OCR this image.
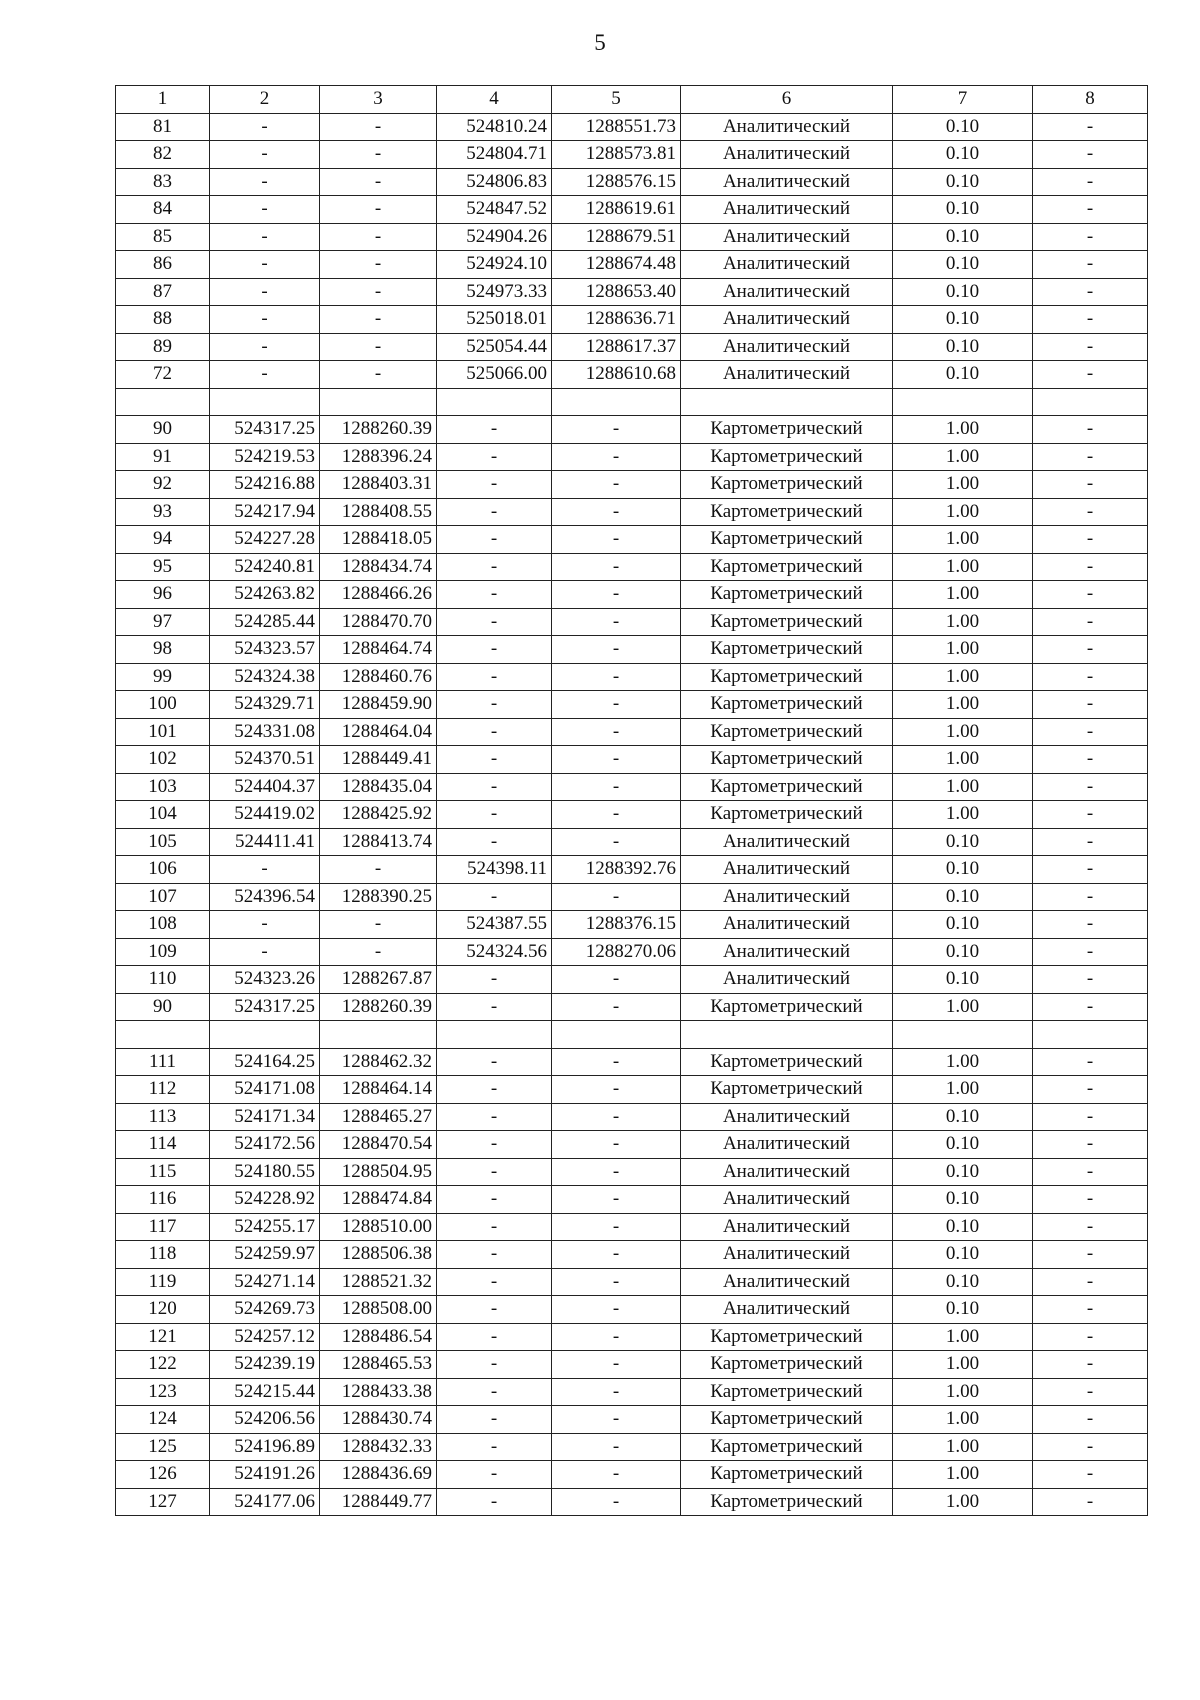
5
1	2	3	4	5	6	7	8
81	-	-	524810.24	1288551.73	Аналитический	0.10	-
82	-	-	524804.71	1288573.81	Аналитический	0.10	-
83	-	-	524806.83	1288576.15	Аналитический	0.10	-
84	-	-	524847.52	1288619.61	Аналитический	0.10	-
85	-	-	524904.26	1288679.51	Аналитический	0.10	-
86	-	-	524924.10	1288674.48	Аналитический	0.10	-
87	-	-	524973.33	1288653.40	Аналитический	0.10	-
88	-	-	525018.01	1288636.71	Аналитический	0.10	-
89	-	-	525054.44	1288617.37	Аналитический	0.10	-
72	-	-	525066.00	1288610.68	Аналитический	0.10	-

90	524317.25	1288260.39	-	-	Картометрический	1.00	-
91	524219.53	1288396.24	-	-	Картометрический	1.00	-
92	524216.88	1288403.31	-	-	Картометрический	1.00	-
93	524217.94	1288408.55	-	-	Картометрический	1.00	-
94	524227.28	1288418.05	-	-	Картометрический	1.00	-
95	524240.81	1288434.74	-	-	Картометрический	1.00	-
96	524263.82	1288466.26	-	-	Картометрический	1.00	-
97	524285.44	1288470.70	-	-	Картометрический	1.00	-
98	524323.57	1288464.74	-	-	Картометрический	1.00	-
99	524324.38	1288460.76	-	-	Картометрический	1.00	-
100	524329.71	1288459.90	-	-	Картометрический	1.00	-
101	524331.08	1288464.04	-	-	Картометрический	1.00	-
102	524370.51	1288449.41	-	-	Картометрический	1.00	-
103	524404.37	1288435.04	-	-	Картометрический	1.00	-
104	524419.02	1288425.92	-	-	Картометрический	1.00	-
105	524411.41	1288413.74	-	-	Аналитический	0.10	-
106	-	-	524398.11	1288392.76	Аналитический	0.10	-
107	524396.54	1288390.25	-	-	Аналитический	0.10	-
108	-	-	524387.55	1288376.15	Аналитический	0.10	-
109	-	-	524324.56	1288270.06	Аналитический	0.10	-
110	524323.26	1288267.87	-	-	Аналитический	0.10	-
90	524317.25	1288260.39	-	-	Картометрический	1.00	-

111	524164.25	1288462.32	-	-	Картометрический	1.00	-
112	524171.08	1288464.14	-	-	Картометрический	1.00	-
113	524171.34	1288465.27	-	-	Аналитический	0.10	-
114	524172.56	1288470.54	-	-	Аналитический	0.10	-
115	524180.55	1288504.95	-	-	Аналитический	0.10	-
116	524228.92	1288474.84	-	-	Аналитический	0.10	-
117	524255.17	1288510.00	-	-	Аналитический	0.10	-
118	524259.97	1288506.38	-	-	Аналитический	0.10	-
119	524271.14	1288521.32	-	-	Аналитический	0.10	-
120	524269.73	1288508.00	-	-	Аналитический	0.10	-
121	524257.12	1288486.54	-	-	Картометрический	1.00	-
122	524239.19	1288465.53	-	-	Картометрический	1.00	-
123	524215.44	1288433.38	-	-	Картометрический	1.00	-
124	524206.56	1288430.74	-	-	Картометрический	1.00	-
125	524196.89	1288432.33	-	-	Картометрический	1.00	-
126	524191.26	1288436.69	-	-	Картометрический	1.00	-
127	524177.06	1288449.77	-	-	Картометрический	1.00	-
